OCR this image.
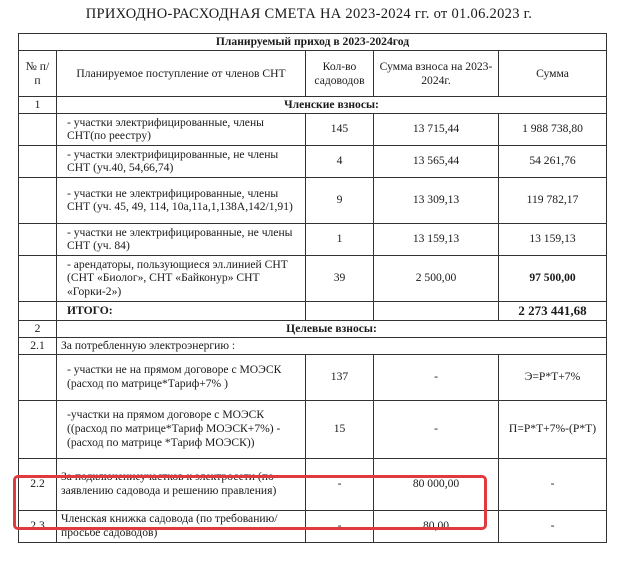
ПРИХОДНО-РАСХОДНАЯ СМЕТА НА 2023-2024 гг. от 01.06.2023 г.
Планируемый приход в 2023-2024год				
№ п/п	Планируемое поступление от членов СНТ	Кол-во садоводов	Сумма взноса на 2023-2024г.	Сумма
1	Членские взносы:			
	- участки электрифицированные, члены СНТ(по реестру)	145	13 715,44	1 988 738,80
	- участки электрифицированные, не члены СНТ (уч.40, 54,66,74)	4	13 565,44	54 261,76
	- участки не электрифицированные, члены СНТ (уч. 45, 49, 114, 10а,11а,1,138А,142/1,91)	9	13 309,13	119 782,17
	- участки не электрифицированные, не члены СНТ (уч. 84)	1	13 159,13	13 159,13
	- арендаторы, пользующиеся эл.линией СНТ (СНТ «Биолог», СНТ «Байконур» СНТ «Горки-2»)	39	2 500,00	97 500,00
	ИТОГО:			2 273 441,68
2	Целевые взносы:			
2.1	За потребленную электроэнергию :			
	- участки не на прямом договоре с МОЭСК (расход по матрице*Тариф+7% )	137	-	Э=Р*Т+7%
	-участки на прямом договоре с МОЭСК ((расход по матрице*Тариф МОЭСК+7%) - (расход по матрице *Тариф МОЭСК))	15	-	П=Р*Т+7%-(Р*Т)
2.2	За подключениеучастков к электросети (по заявлению садовода и решению правления)	-	80 000,00	-
2.3	Членская книжка садовода (по требованию/просьбе садоводов)	-	80,00	-
